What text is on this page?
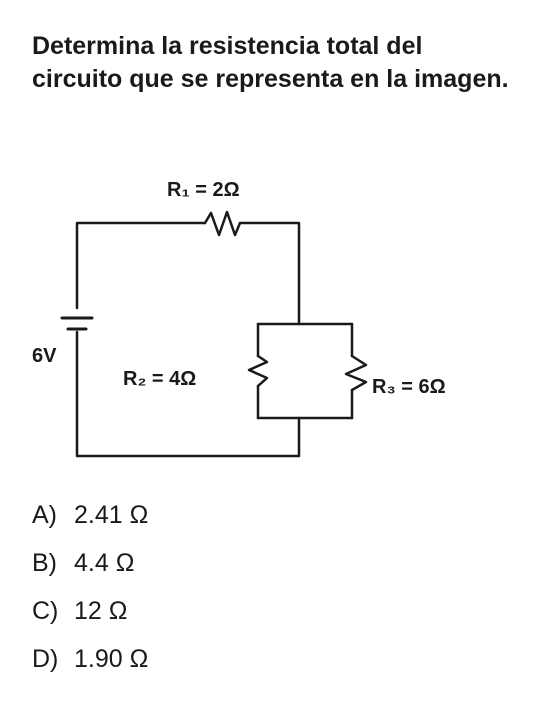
Determina la resistencia total del circuito que se representa en la imagen.
R₁ = 2Ω
R₂ = 4Ω	R₃ = 6Ω
6V
A) 2.41 Ω
B) 4.4 Ω
C) 12 Ω
D) 1.90 Ω
